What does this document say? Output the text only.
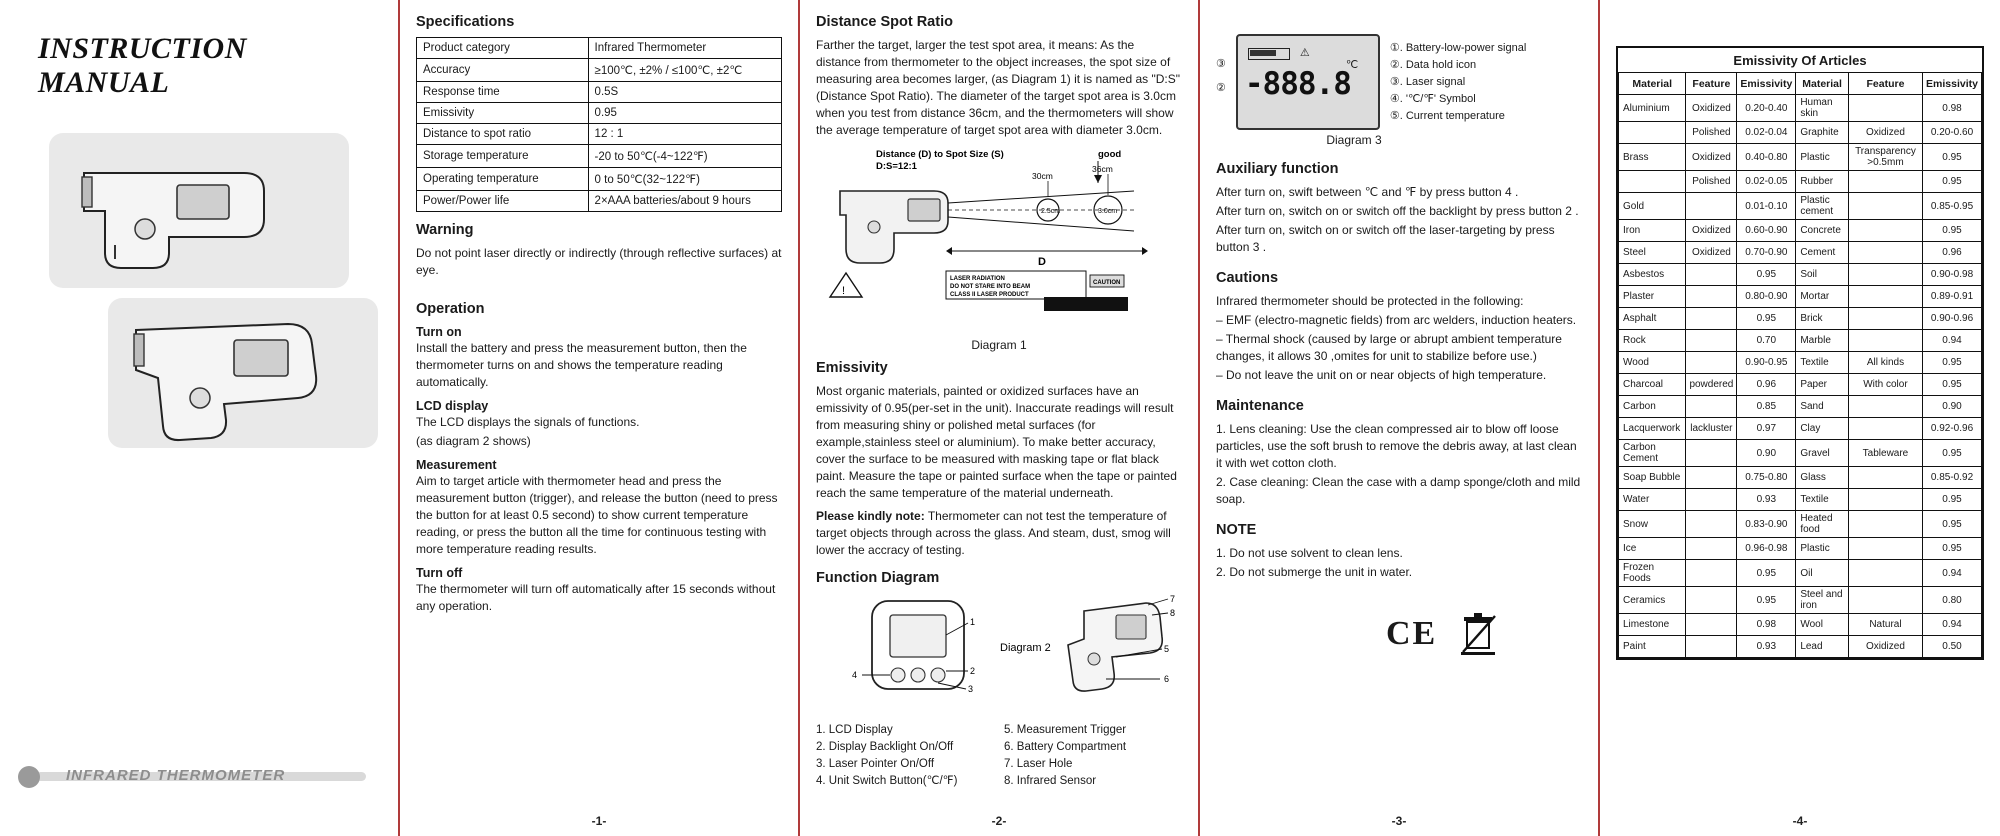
INSTRUCTION
MANUAL
INFRARED THERMOMETER
Specifications
Product category	Infrared Thermometer
Accuracy	≥100℃, ±2% / ≤100℃, ±2℃
Response time	0.5S
Emissivity	0.95
Distance to spot ratio	12 : 1
Storage temperature	-20 to 50℃(-4~122℉)
Operating temperature	0 to 50℃(32~122℉)
Power/Power life	2×AAA batteries/about 9 hours
Warning

Do not point laser directly or indirectly (through reflective surfaces) at eye.

Operation
Turn on

Install the battery and press the measurement button, then the thermometer turns on and shows the temperature reading automatically.

LCD display

The LCD displays the signals of functions.

(as diagram 2 shows)

Measurement

Aim to target article with thermometer head and press the measurement button (trigger), and release the button (need to press the button for at least 0.5 second) to show current temperature reading, or press the button all the time for continuous testing with more temperature reading results.

Turn off

The thermometer will turn off automatically after 15 seconds without any operation.

-1-
Distance Spot Ratio

Farther the target, larger the test spot area, it means: As the distance from thermometer to the object increases, the spot size of measuring area becomes larger, (as Diagram 1) it is named as "D:S" (Distance Spot Ratio). The diameter of the target spot area is 3.0cm when you test from distance 36cm, and the thermometers will show the average temperature of target spot area with diameter 3.0cm.

Distance (D) to Spot Size (S)
D:S=12:1
good
2.5cm	3.0cm
30cm
36cm
D
!
LASER RADIATION
DO NOT STARE INTO BEAM
CLASS II LASER PRODUCT
CAUTION
Diagram 1
Emissivity

Most organic materials, painted or oxidized surfaces have an emissivity of 0.95(per-set in the unit). Inaccurate readings will result from measuring shiny or polished metal surfaces (for example,stainless steel or aluminium). To make better accuracy, cover the surface to be measured with masking tape or flat black paint. Measure the tape or painted surface when the tape or painted reach the same temperature of the material underneath.

Please kindly note: Thermometer can not test the temperature of target objects through across the glass. And steam, dust, smog will lower the accracy of testing.

Function Diagram
1
2
3
4
Diagram 2
7
8
5
6
1. LCD Display
2. Display Backlight On/Off
3. Laser Pointer On/Off
4. Unit Switch Button(℃/℉)
5. Measurement Trigger
6. Battery Compartment
7. Laser Hole
8. Infrared Sensor
-2-
③
②
⚠
℃
-888.8
①. Battery-low-power signal
②. Data hold icon
③. Laser signal
④. '℃/℉' Symbol
⑤. Current temperature
Diagram 3
Auxiliary function

After turn on, swift between ℃ and ℉ by press button 4 .

After turn on, switch on or switch off the backlight by press button 2 .

After turn on, switch on or switch off the laser-targeting by press button 3 .

Cautions

Infrared thermometer should be protected in the following:

– EMF (electro-magnetic fields) from arc welders, induction heaters.

– Thermal shock (caused by large or abrupt ambient temperature changes, it allows 30 ,omites for unit to stabilize before use.)

– Do not leave the unit on or near objects of high temperature.

Maintenance

1. Lens cleaning: Use the clean compressed air to blow off loose particles, use the soft brush to remove the debris away, at last clean it with wet cotton cloth.

2. Case cleaning: Clean the case with a damp sponge/cloth and mild soap.

NOTE

1. Do not use solvent to clean lens.

2. Do not submerge the unit in water.

CE
-3-
Emissivity Of Articles
Material	Feature	Emissivity	Material	Feature	Emissivity
Aluminium	Oxidized	0.20-0.40	Human skin		0.98
	Polished	0.02-0.04	Graphite	Oxidized	0.20-0.60
Brass	Oxidized	0.40-0.80	Plastic	Transparency >0.5mm	0.95
	Polished	0.02-0.05	Rubber		0.95
Gold		0.01-0.10	Plastic cement		0.85-0.95
Iron	Oxidized	0.60-0.90	Concrete		0.95
Steel	Oxidized	0.70-0.90	Cement		0.96
Asbestos		0.95	Soil		0.90-0.98
Plaster		0.80-0.90	Mortar		0.89-0.91
Asphalt		0.95	Brick		0.90-0.96
Rock		0.70	Marble		0.94
Wood		0.90-0.95	Textile	All kinds	0.95
Charcoal	powdered	0.96	Paper	With color	0.95
Carbon		0.85	Sand		0.90
Lacquerwork	lackluster	0.97	Clay		0.92-0.96
Carbon Cement		0.90	Gravel	Tableware	0.95
Soap Bubble		0.75-0.80	Glass		0.85-0.92
Water		0.93	Textile		0.95
Snow		0.83-0.90	Heated food		0.95
Ice		0.96-0.98	Plastic		0.95
Frozen Foods		0.95	Oil		0.94
Ceramics		0.95	Steel and iron		0.80
Limestone		0.98	Wool	Natural	0.94
Paint		0.93	Lead	Oxidized	0.50
-4-
